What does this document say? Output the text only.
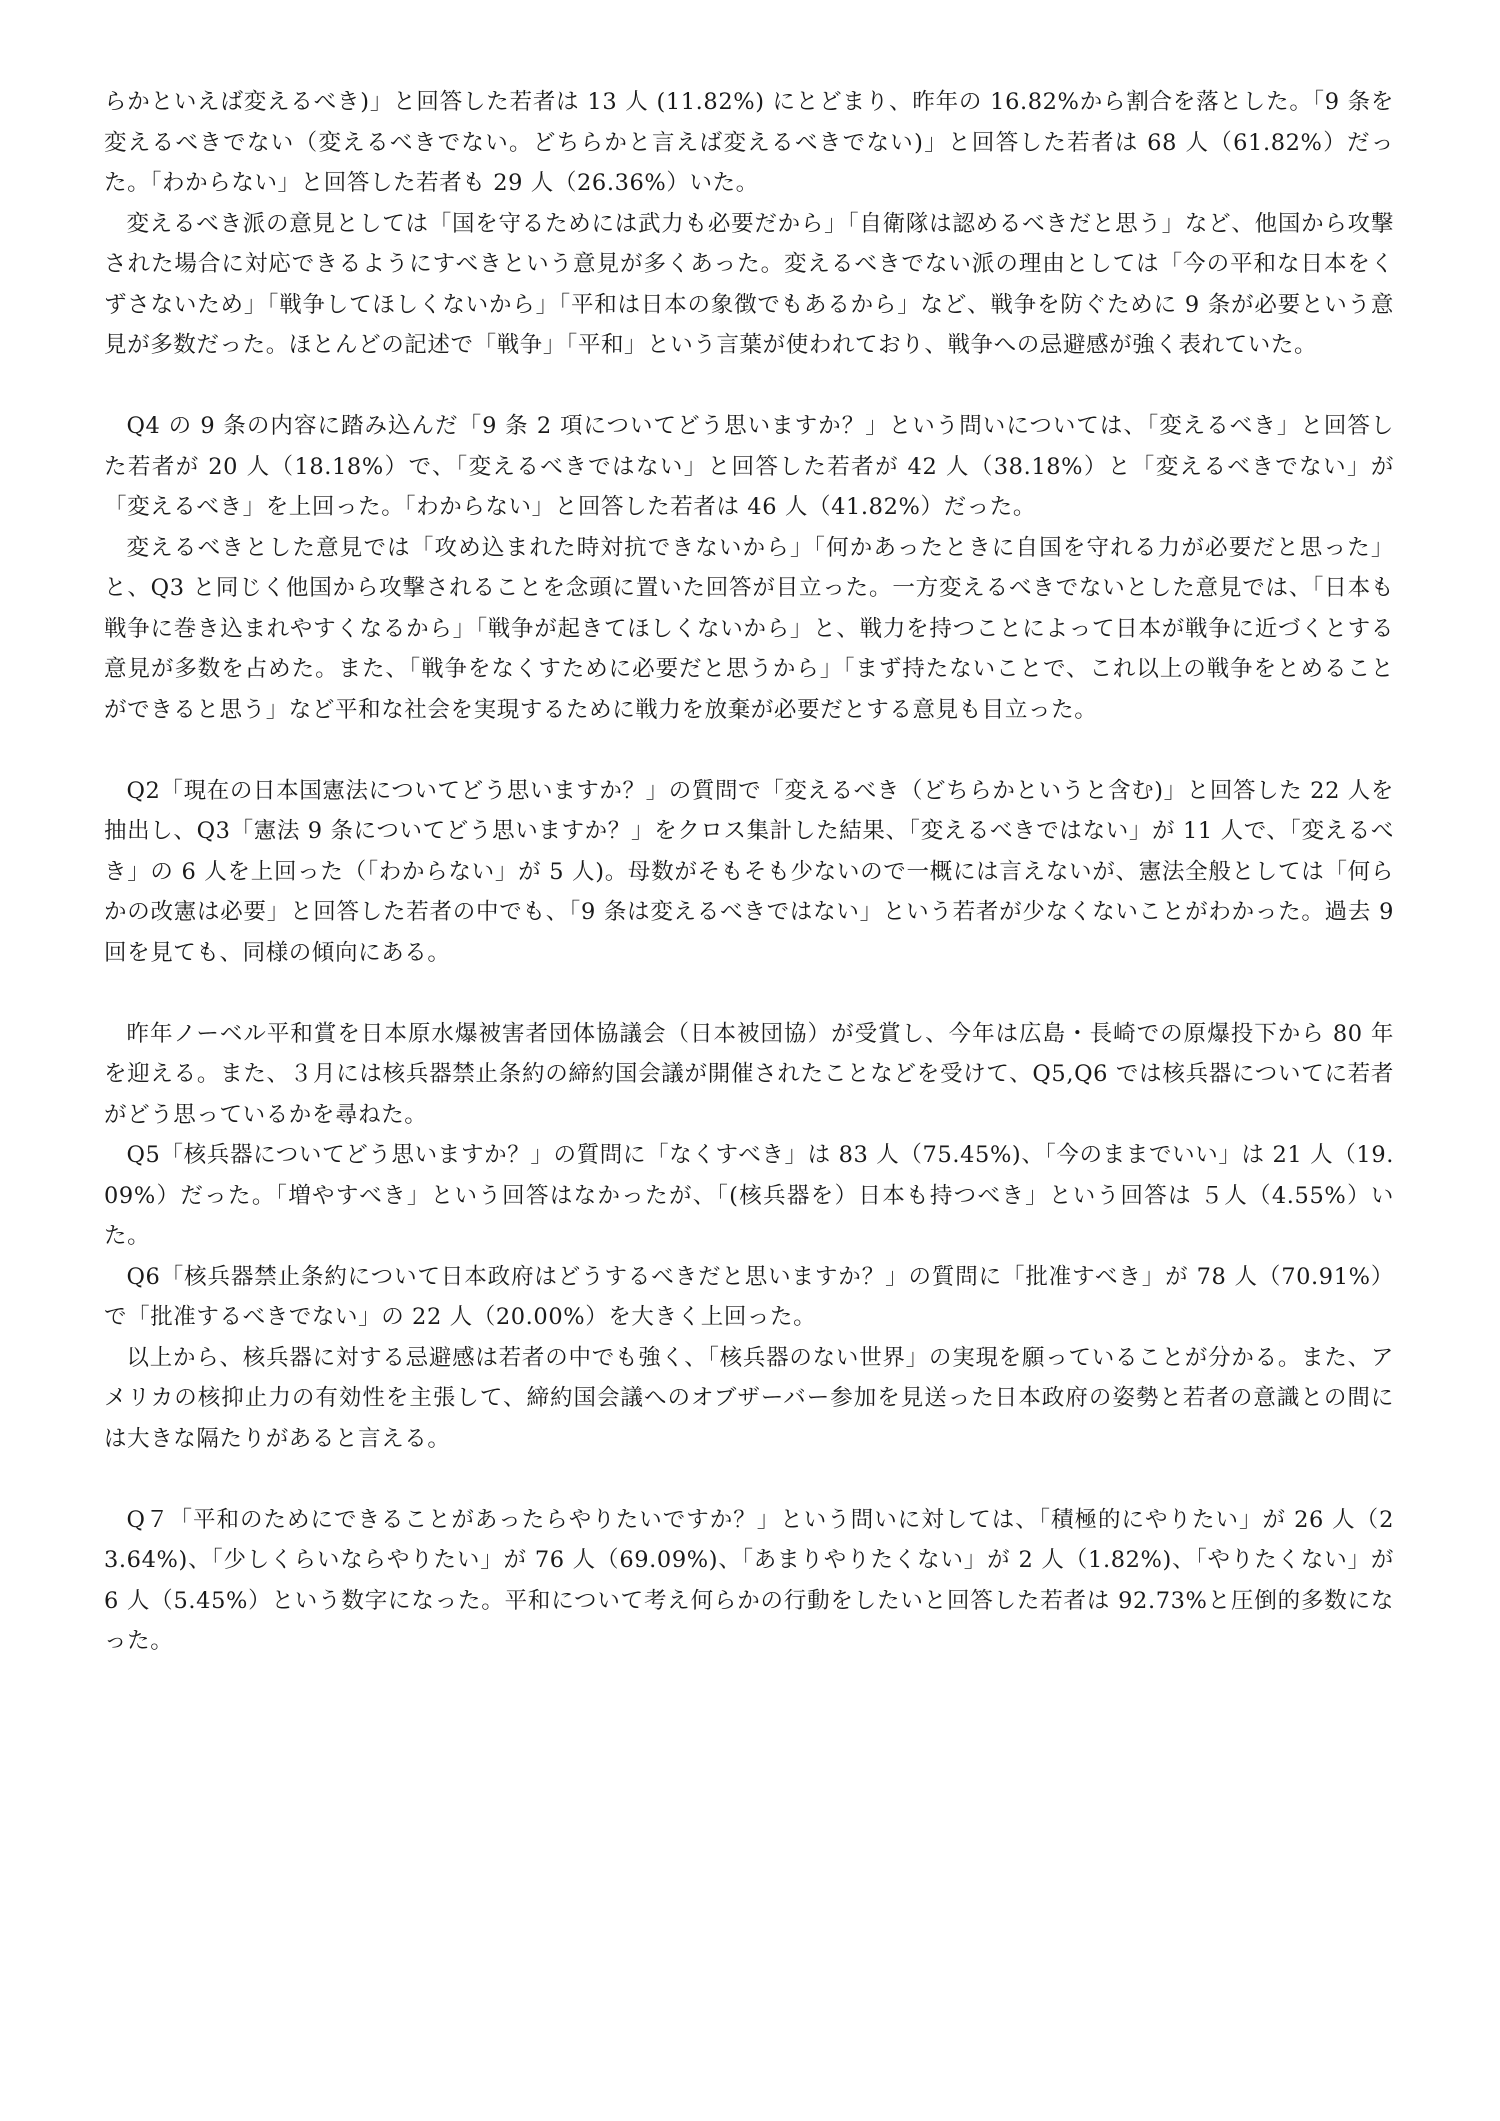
らかといえば変えるべき)」と回答した若者は 13 人 (11.82%) にとどまり、昨年の 16.82%から割合を落とした。「9 条を変えるべきでない（変えるべきでない。どちらかと言えば変えるべきでない)」と回答した若者は 68 人（61.82%）だった。「わからない」と回答した若者も 29 人（26.36%）いた。

変えるべき派の意見としては「国を守るためには武力も必要だから」「自衛隊は認めるべきだと思う」など、他国から攻撃された場合に対応できるようにすべきという意見が多くあった。変えるべきでない派の理由としては「今の平和な日本をくずさないため」「戦争してほしくないから」「平和は日本の象徴でもあるから」など、戦争を防ぐために 9 条が必要という意見が多数だった。ほとんどの記述で「戦争」「平和」という言葉が使われており、戦争への忌避感が強く表れていた。

Q4 の 9 条の内容に踏み込んだ「9 条 2 項についてどう思いますか？」という問いについては、「変えるべき」と回答した若者が 20 人（18.18%）で、「変えるべきではない」と回答した若者が 42 人（38.18%）と「変えるべきでない」が「変えるべき」を上回った。「わからない」と回答した若者は 46 人（41.82%）だった。

変えるべきとした意見では「攻め込まれた時対抗できないから」「何かあったときに自国を守れる力が必要だと思った」と、Q3 と同じく他国から攻撃されることを念頭に置いた回答が目立った。一方変えるべきでないとした意見では、「日本も戦争に巻き込まれやすくなるから」「戦争が起きてほしくないから」と、戦力を持つことによって日本が戦争に近づくとする意見が多数を占めた。また、「戦争をなくすために必要だと思うから」「まず持たないことで、これ以上の戦争をとめることができると思う」など平和な社会を実現するために戦力を放棄が必要だとする意見も目立った。

Q2「現在の日本国憲法についてどう思いますか？」の質問で「変えるべき（どちらかというと含む)」と回答した 22 人を抽出し、Q3「憲法 9 条についてどう思いますか？」をクロス集計した結果、「変えるべきではない」が 11 人で、「変えるべき」の 6 人を上回った（「わからない」が 5 人)。母数がそもそも少ないので一概には言えないが、憲法全般としては「何らかの改憲は必要」と回答した若者の中でも、「9 条は変えるべきではない」という若者が少なくないことがわかった。過去 9 回を見ても、同様の傾向にある。

昨年ノーベル平和賞を日本原水爆被害者団体協議会（日本被団協）が受賞し、今年は広島・長崎での原爆投下から 80 年を迎える。また、３月には核兵器禁止条約の締約国会議が開催されたことなどを受けて、Q5,Q6 では核兵器についてに若者がどう思っているかを尋ねた。

Q5「核兵器についてどう思いますか？」の質問に「なくすべき」は 83 人（75.45%)、「今のままでいい」は 21 人（19.09%）だった。「増やすべき」という回答はなかったが、「(核兵器を）日本も持つべき」という回答は ５人（4.55%）いた。

Q6「核兵器禁止条約について日本政府はどうするべきだと思いますか？」の質問に「批准すべき」が 78 人（70.91%）で「批准するべきでない」の 22 人（20.00%）を大きく上回った。

以上から、核兵器に対する忌避感は若者の中でも強く、「核兵器のない世界」の実現を願っていることが分かる。また、アメリカの核抑止力の有効性を主張して、締約国会議へのオブザーバー参加を見送った日本政府の姿勢と若者の意識との間には大きな隔たりがあると言える。

Q７「平和のためにできることがあったらやりたいですか？」という問いに対しては、「積極的にやりたい」が 26 人（23.64%)、「少しくらいならやりたい」が 76 人（69.09%)、「あまりやりたくない」が 2 人（1.82%)、「やりたくない」が 6 人（5.45%）という数字になった。平和について考え何らかの行動をしたいと回答した若者は 92.73%と圧倒的多数になった。
